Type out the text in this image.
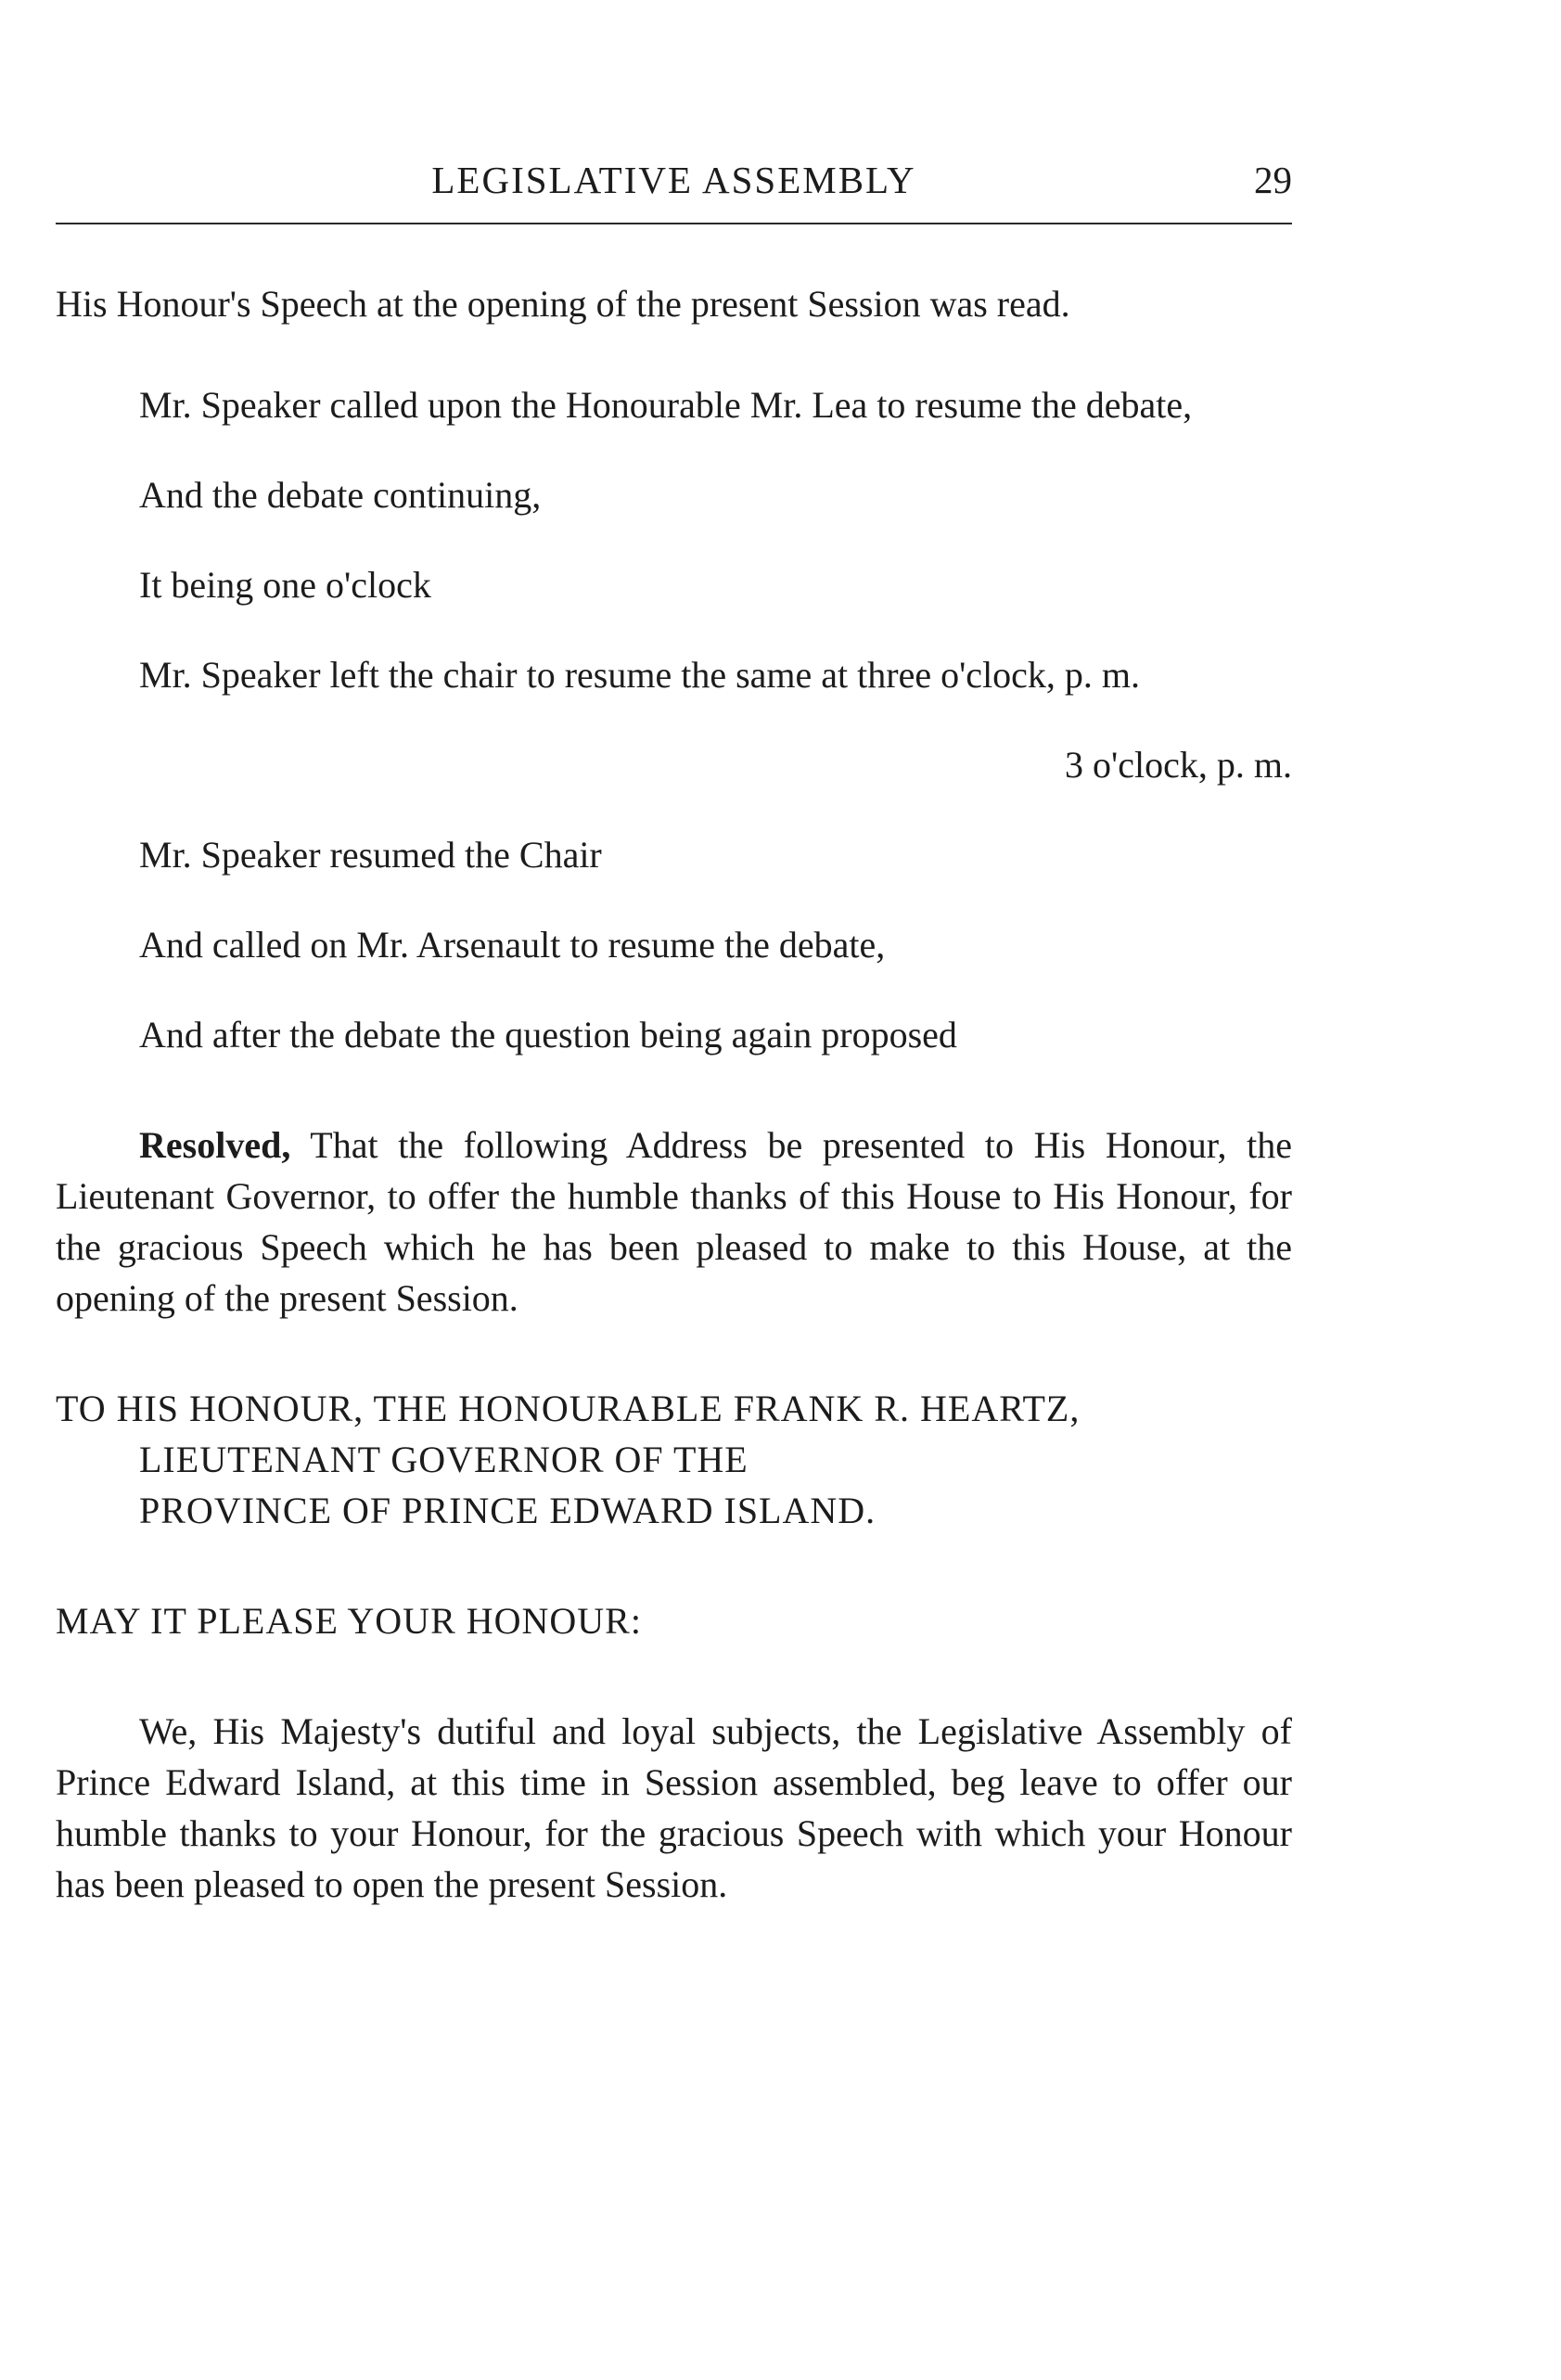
LEGISLATIVE ASSEMBLY	29

His Honour's Speech at the opening of the present Session was read.

Mr. Speaker called upon the Honourable Mr. Lea to resume the debate,

And the debate continuing,

It being one o'clock

Mr. Speaker left the chair to resume the same at three o'clock, p. m.

3 o'clock, p. m.

Mr. Speaker resumed the Chair

And called on Mr. Arsenault to resume the debate,

And after the debate the question being again proposed

Resolved, That the following Address be presented to His Honour, the Lieutenant Governor, to offer the humble thanks of this House to His Honour, for the gracious Speech which he has been pleased to make to this House, at the opening of the present Session.

TO HIS HONOUR, THE HONOURABLE FRANK R. HEARTZ,
LIEUTENANT GOVERNOR OF THE
PROVINCE OF PRINCE EDWARD ISLAND.

MAY IT PLEASE YOUR HONOUR:

We, His Majesty's dutiful and loyal subjects, the Legislative Assembly of Prince Edward Island, at this time in Session assembled, beg leave to offer our humble thanks to your Honour, for the gracious Speech with which your Honour has been pleased to open the present Session.
